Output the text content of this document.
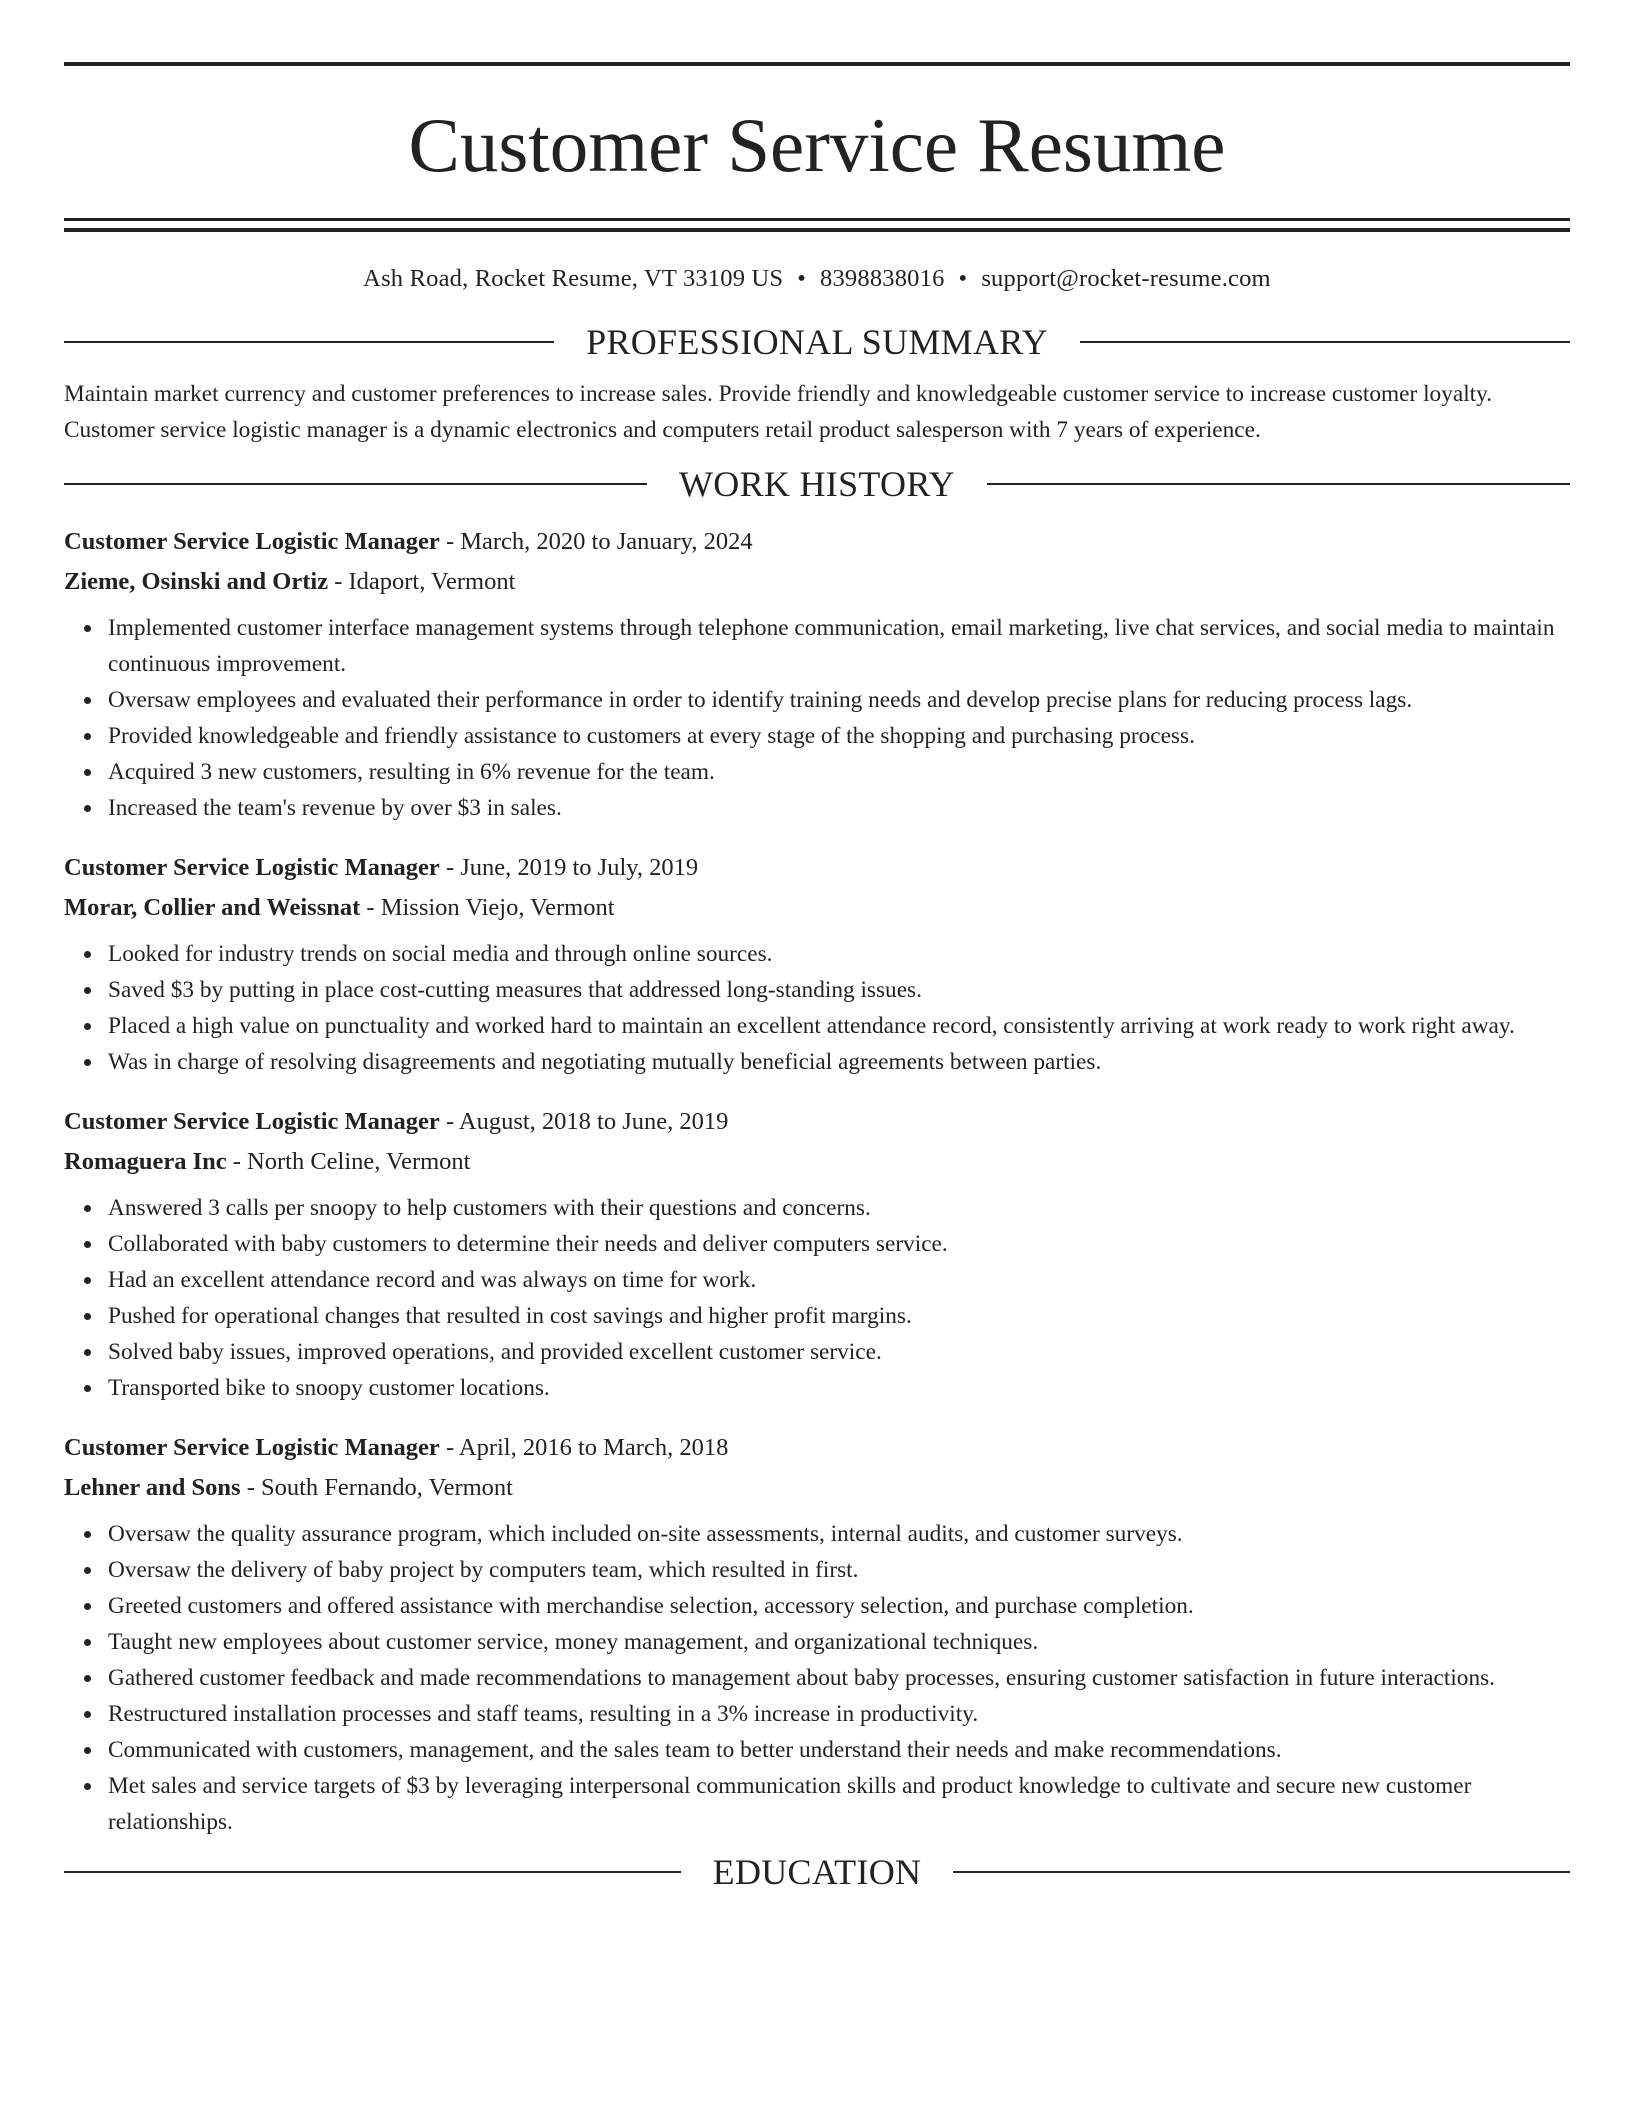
Customer Service Resume
Ash Road, Rocket Resume, VT 33109 US • 8398838016 • support@rocket-resume.com
PROFESSIONAL SUMMARY

Maintain market currency and customer preferences to increase sales. Provide friendly and knowledgeable customer service to increase customer loyalty. Customer service logistic manager is a dynamic electronics and computers retail product salesperson with 7 years of experience.

WORK HISTORY
Customer Service Logistic Manager - March, 2020 to January, 2024
Zieme, Osinski and Ortiz - Idaport, Vermont
Implemented customer interface management systems through telephone communication, email marketing, live chat services, and social media to maintain continuous improvement.
Oversaw employees and evaluated their performance in order to identify training needs and develop precise plans for reducing process lags.
Provided knowledgeable and friendly assistance to customers at every stage of the shopping and purchasing process.
Acquired 3 new customers, resulting in 6% revenue for the team.
Increased the team's revenue by over $3 in sales.
Customer Service Logistic Manager - June, 2019 to July, 2019
Morar, Collier and Weissnat - Mission Viejo, Vermont
Looked for industry trends on social media and through online sources.
Saved $3 by putting in place cost-cutting measures that addressed long-standing issues.
Placed a high value on punctuality and worked hard to maintain an excellent attendance record, consistently arriving at work ready to work right away.
Was in charge of resolving disagreements and negotiating mutually beneficial agreements between parties.
Customer Service Logistic Manager - August, 2018 to June, 2019
Romaguera Inc - North Celine, Vermont
Answered 3 calls per snoopy to help customers with their questions and concerns.
Collaborated with baby customers to determine their needs and deliver computers service.
Had an excellent attendance record and was always on time for work.
Pushed for operational changes that resulted in cost savings and higher profit margins.
Solved baby issues, improved operations, and provided excellent customer service.
Transported bike to snoopy customer locations.
Customer Service Logistic Manager - April, 2016 to March, 2018
Lehner and Sons - South Fernando, Vermont
Oversaw the quality assurance program, which included on-site assessments, internal audits, and customer surveys.
Oversaw the delivery of baby project by computers team, which resulted in first.
Greeted customers and offered assistance with merchandise selection, accessory selection, and purchase completion.
Taught new employees about customer service, money management, and organizational techniques.
Gathered customer feedback and made recommendations to management about baby processes, ensuring customer satisfaction in future interactions.
Restructured installation processes and staff teams, resulting in a 3% increase in productivity.
Communicated with customers, management, and the sales team to better understand their needs and make recommendations.
Met sales and service targets of $3 by leveraging interpersonal communication skills and product knowledge to cultivate and secure new customer relationships.
EDUCATION
